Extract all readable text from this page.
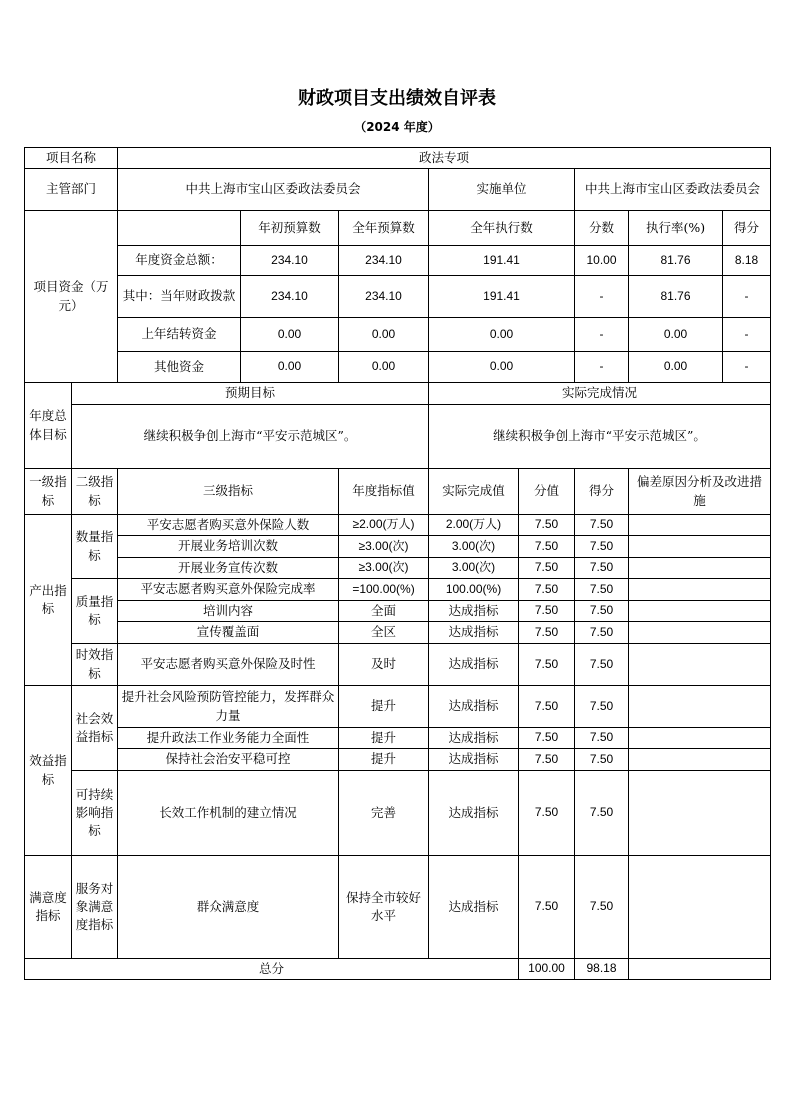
财政项目支出绩效自评表
（2024 年度）
项目名称		政法专项							
主管部门		中共上海市宝山区委政法委员会			实施单位		中共上海市宝山区委政法委员会		
项目资金（万元）			年初预算数	全年预算数	全年执行数		分数	执行率(%)	得分
		年度资金总额：	234.10	234.10	191.41		10.00	81.76	8.18
		其中：当年财政拨款	234.10	234.10	191.41		-	81.76	-
		上年结转资金	0.00	0.00	0.00		-	0.00	-
		其他资金	0.00	0.00	0.00		-	0.00	-
年度总体目标	预期目标				实际完成情况				
	继续积极争创上海市“平安示范城区”。				继续积极争创上海市“平安示范城区”。				
一级指标	二级指标	三级指标		年度指标值	实际完成值	分值	得分	偏差原因分析及改进措施	
产出指标	数量指标	平安志愿者购买意外保险人数		≥2.00(万人)	2.00(万人)	7.50	7.50		
		开展业务培训次数		≥3.00(次)	3.00(次)	7.50	7.50		
		开展业务宣传次数		≥3.00(次)	3.00(次)	7.50	7.50		
	质量指标	平安志愿者购买意外保险完成率		=100.00(%)	100.00(%)	7.50	7.50		
		培训内容		全面	达成指标	7.50	7.50		
		宣传覆盖面		全区	达成指标	7.50	7.50		
	时效指标	平安志愿者购买意外保险及时性		及时	达成指标	7.50	7.50		
效益指标	社会效益指标	提升社会风险预防管控能力，发挥群众力量		提升	达成指标	7.50	7.50		
		提升政法工作业务能力全面性		提升	达成指标	7.50	7.50		
		保持社会治安平稳可控		提升	达成指标	7.50	7.50		
	可持续影响指标	长效工作机制的建立情况		完善	达成指标	7.50	7.50		
满意度指标	服务对象满意度指标	群众满意度		保持全市较好水平	达成指标	7.50	7.50		
总分						100.00	98.18		
